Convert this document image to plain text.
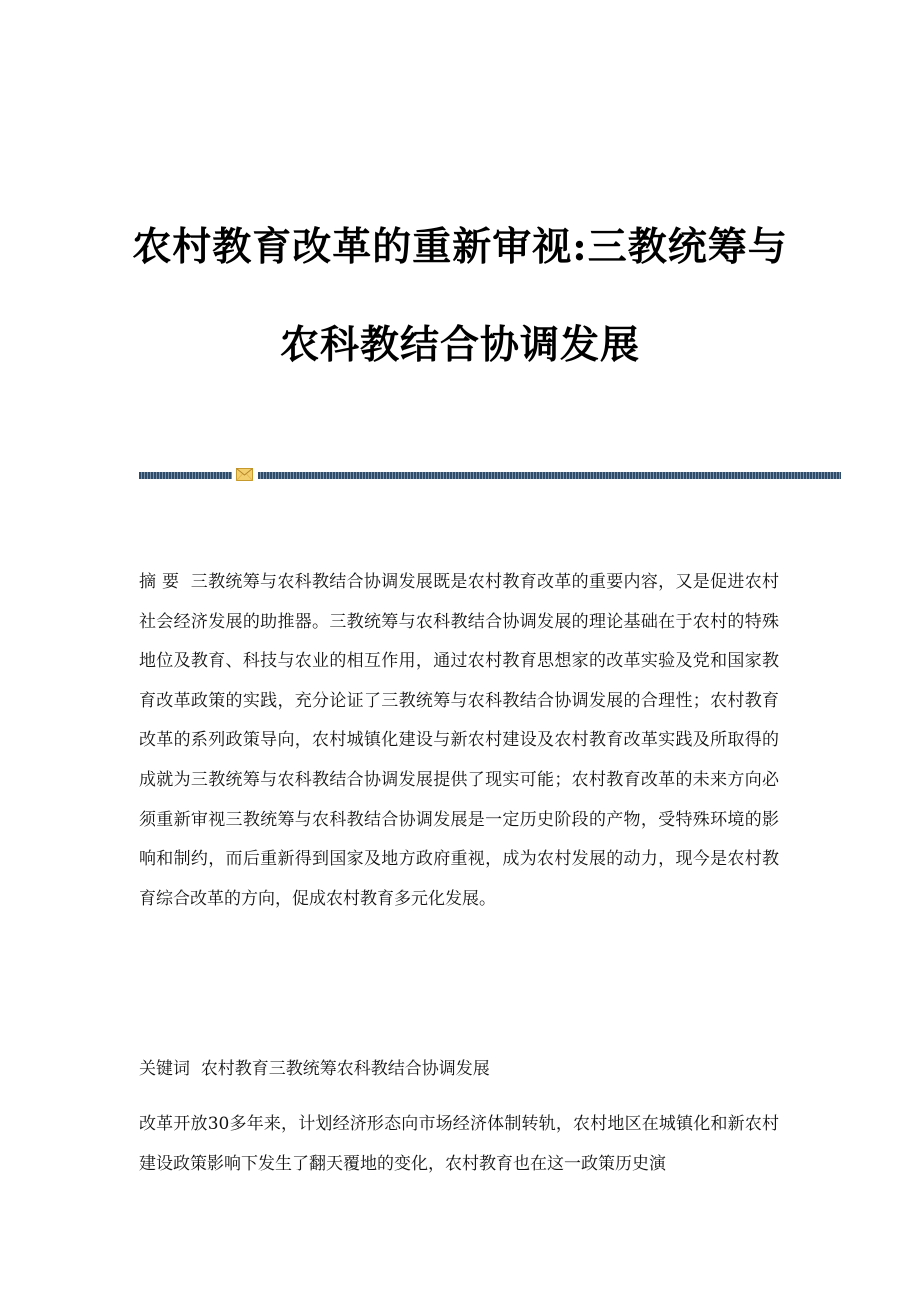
农村教育改革的重新审视:三教统筹与
农科教结合协调发展

摘 要 三教统筹与农科教结合协调发展既是农村教育改革的重要内容，又是促进农村社会经济发展的助推器。三教统筹与农科教结合协调发展的理论基础在于农村的特殊地位及教育、科技与农业的相互作用，通过农村教育思想家的改革实验及党和国家教育改革政策的实践，充分论证了三教统筹与农科教结合协调发展的合理性；农村教育改革的系列政策导向，农村城镇化建设与新农村建设及农村教育改革实践及所取得的成就为三教统筹与农科教结合协调发展提供了现实可能；农村教育改革的未来方向必须重新审视三教统筹与农科教结合协调发展是一定历史阶段的产物，受特殊环境的影响和制约，而后重新得到国家及地方政府重视，成为农村发展的动力，现今是农村教育综合改革的方向，促成农村教育多元化发展。

关键词 农村教育三教统筹农科教结合协调发展

改革开放30多年来，计划经济形态向市场经济体制转轨，农村地区在城镇化和新农村建设政策影响下发生了翻天覆地的变化，农村教育也在这一政策历史演
